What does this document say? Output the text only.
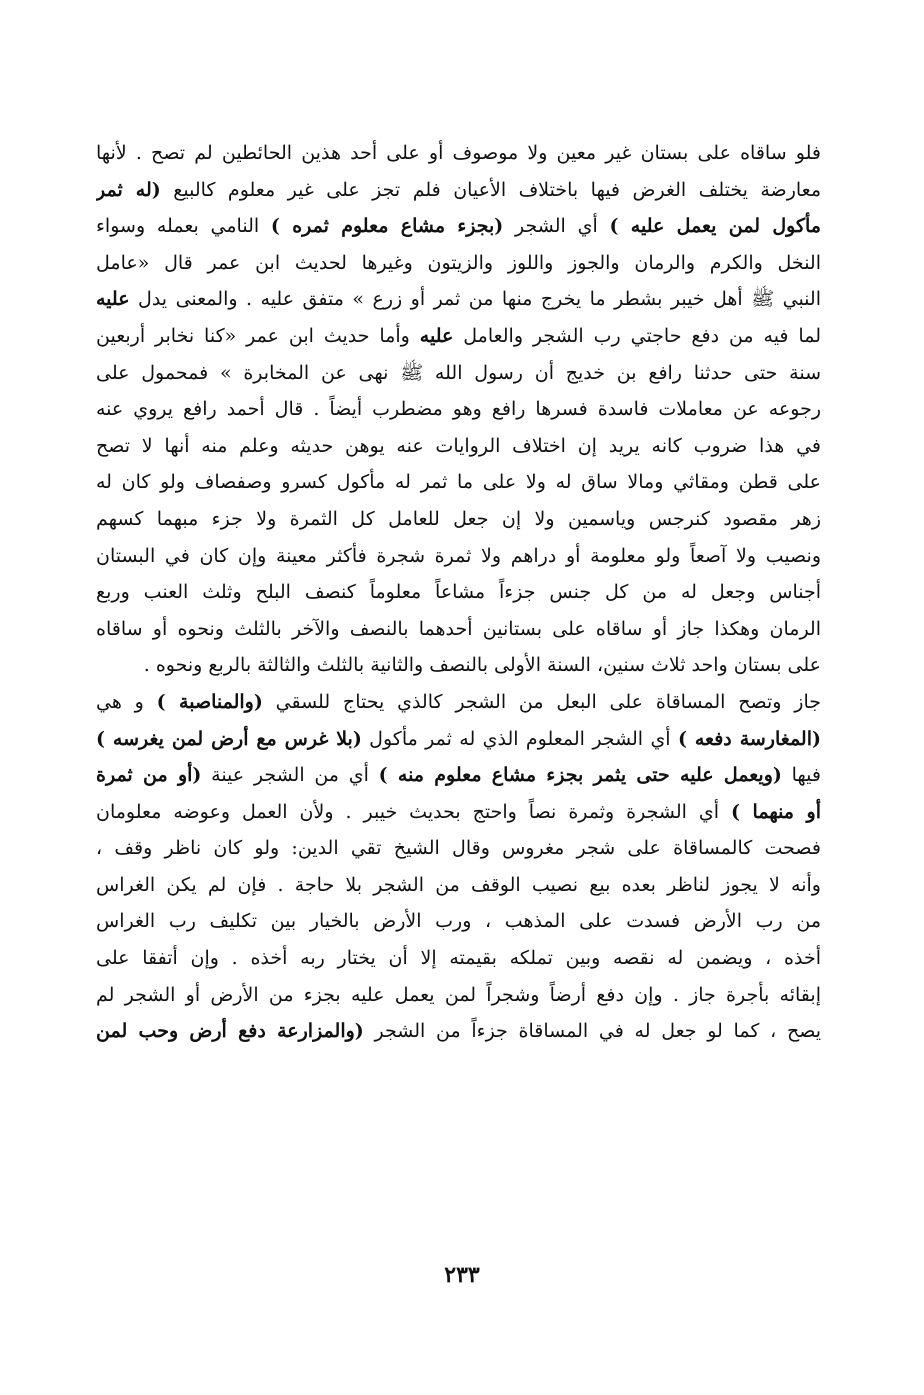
فلو ساقاه على بستان غير معين ولا موصوف أو على أحد هذين الحائطين لم تصح . لأنها
معارضة يختلف الغرض فيها باختلاف الأعيان فلم تجز على غير معلوم كالبيع (له ثمر
مأكول لمن يعمل عليه ) أي الشجر (بجزء مشاع معلوم ثمره ) النامي بعمله وسواء
النخل والكرم والرمان والجوز واللوز والزيتون وغيرها لحديث ابن عمر قال «عامل
النبي ﷺ أهل خيبر بشطر ما يخرج منها من ثمر أو زرع » متفق عليه . والمعنى يدل عليه
لما فيه من دفع حاجتي رب الشجر والعامل عليه وأما حديث ابن عمر «كنا نخابر أربعين
سنة حتى حدثنا رافع بن خديج أن رسول الله ﷺ نهى عن المخابرة » فمحمول على
رجوعه عن معاملات فاسدة فسرها رافع وهو مضطرب أيضاً . قال أحمد رافع يروي عنه
في هذا ضروب كانه يريد إن اختلاف الروايات عنه يوهن حديثه وعلم منه أنها لا تصح
على قطن ومقاثي ومالا ساق له ولا على ما ثمر له مأكول كسرو وصفصاف ولو كان له
زهر مقصود كنرجس وياسمين ولا إن جعل للعامل كل الثمرة ولا جزء مبهما كسهم
ونصيب ولا آصعاً ولو معلومة أو دراهم ولا ثمرة شجرة فأكثر معينة وإن كان في البستان
أجناس وجعل له من كل جنس جزءاً مشاعاً معلوماً كنصف البلح وثلث العنب وربع
الرمان وهكذا جاز أو ساقاه على بستانين أحدهما بالنصف والآخر بالثلث ونحوه أو ساقاه
على بستان واحد ثلاث سنين، السنة الأولى بالنصف والثانية بالثلث والثالثة بالربع ونحوه .
جاز وتصح المساقاة على البعل من الشجر كالذي يحتاج للسقي (والمناصبة ) و هي
(المغارسة دفعه ) أي الشجر المعلوم الذي له ثمر مأكول (بلا غرس مع أرض لمن يغرسه )
فيها (ويعمل عليه حتى يثمر بجزء مشاع معلوم منه ) أي من الشجر عينة (أو من ثمرة
أو منهما ) أي الشجرة وثمرة نصاً واحتج بحديث خيبر . ولأن العمل وعوضه معلومان
فصحت كالمساقاة على شجر مغروس وقال الشيخ تقي الدين: ولو كان ناظر وقف ،
وأنه لا يجوز لناظر بعده بيع نصيب الوقف من الشجر بلا حاجة . فإن لم يكن الغراس
من رب الأرض فسدت على المذهب ، ورب الأرض بالخيار بين تكليف رب الغراس
أخذه ، ويضمن له نقصه وبين تملكه بقيمته إلا أن يختار ربه أخذه . وإن أتفقا على
إبقائه بأجرة جاز . وإن دفع أرضاً وشجراً لمن يعمل عليه بجزء من الأرض أو الشجر لم
يصح ، كما لو جعل له في المساقاة جزءاً من الشجر (والمزارعة دفع أرض وحب لمن
٢٣٣
